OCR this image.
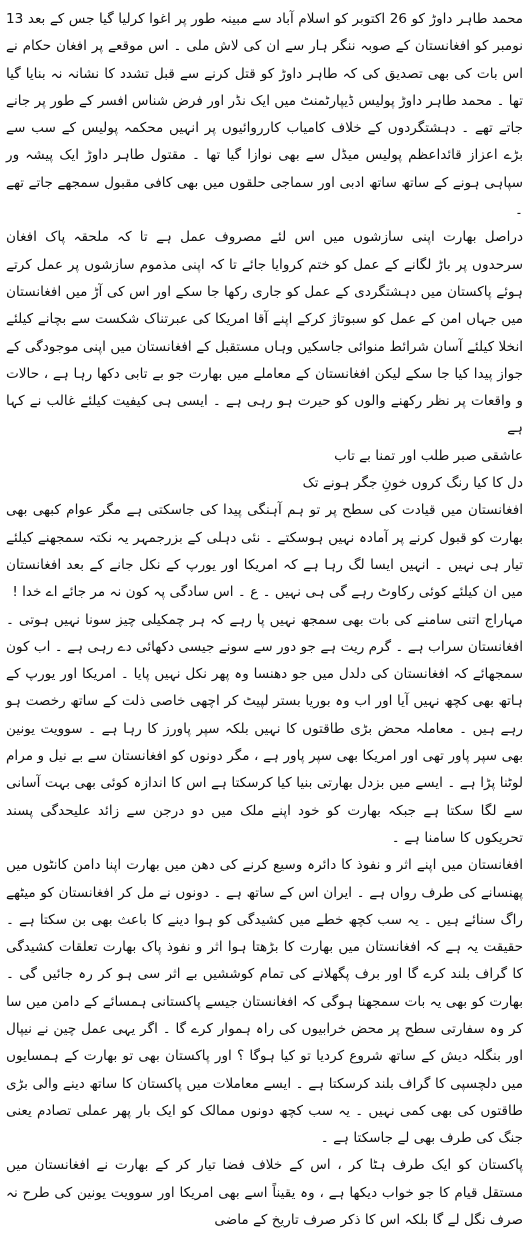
محمد طاہر داوڑ کو 26 اکتوبر کو اسلام آباد سے مبینہ طور پر اغوا کرلیا گیا جس کے بعد 13 نومبر کو افغانستان کے صوبہ ننگر ہار سے ان کی لاش ملی ۔ اس موقعے پر افغان حکام نے اس بات کی بھی تصدیق کی کہ طاہر داوڑ کو قتل کرنے سے قبل تشدد کا نشانہ نہ بنایا گیا تھا ۔ محمد طاہر داوڑ پولیس ڈیپارٹمنٹ میں ایک نڈر اور فرض شناس افسر کے طور پر جانے جاتے تھے ۔ دہشتگردوں کے خلاف کامیاب کارروائیوں پر انہیں محکمہ پولیس کے سب سے بڑے اعزاز قائداعظم پولیس میڈل سے بھی نوازا گیا تھا ۔ مقتول طاہر داوڑ ایک پیشہ ور سپاہی ہونے کے ساتھ ساتھ ادبی اور سماجی حلقوں میں بھی کافی مقبول سمجھے جاتے تھے ۔

دراصل بھارت اپنی سازشوں میں اس لئے مصروف عمل ہے تا کہ ملحقہ پاک افغان سرحدوں پر باڑ لگانے کے عمل کو ختم کروایا جائے تا کہ اپنی مذموم سازشوں پر عمل کرتے ہوئے پاکستان میں دہشتگردی کے عمل کو جاری رکھا جا سکے اور اس کی آڑ میں افغانستان میں جہاں امن کے عمل کو سبوتاژ کرکے اپنے آقا امریکا کی عبرتناک شکست سے بچانے کیلئے انخلا کیلئے آسان شرائط منوائی جاسکیں وہاں مستقبل کے افغانستان میں اپنی موجودگی کے جواز پیدا کیا جا سکے لیکن افغانستان کے معاملے میں بھارت جو بے تابی دکھا رہا ہے ، حالات و واقعات پر نظر رکھنے والوں کو حیرت ہو رہی ہے ۔ ایسی ہی کیفیت کیلئے غالب نے کہا ہے

عاشقی صبر طلب اور تمنا بے تاب
دل کا کیا رنگ کروں خونِ جگر ہونے تک

افغانستان میں قیادت کی سطح پر تو ہم آہنگی پیدا کی جاسکتی ہے مگر عوام کبھی بھی بھارت کو قبول کرنے پر آمادہ نہیں ہوسکتے ۔ نئی دہلی کے بزرجمہر یہ نکتہ سمجھنے کیلئے تیار ہی نہیں ۔ انہیں ایسا لگ رہا ہے کہ امریکا اور یورپ کے نکل جانے کے بعد افغانستان میں ان کیلئے کوئی رکاوٹ رہے گی ہی نہیں ۔ ع ۔ اس سادگی پہ کون نہ مر جائے اے خدا !

مہاراج اتنی سامنے کی بات بھی سمجھ نہیں پا رہے کہ ہر چمکیلی چیز سونا نہیں ہوتی ۔ افغانستان سراب ہے ۔ گرم ریت ہے جو دور سے سونے جیسی دکھائی دے رہی ہے ۔ اب کون سمجھائے کہ افغانستان کی دلدل میں جو دھنسا وہ پھر نکل نہیں پایا ۔ امریکا اور یورپ کے ہاتھ بھی کچھ نہیں آیا اور اب وہ بوریا بستر لپیٹ کر اچھی خاصی ذلت کے ساتھ رخصت ہو رہے ہیں ۔ معاملہ محض بڑی طاقتوں کا نہیں بلکہ سپر پاورز کا رہا ہے ۔ سوویت یونین بھی سپر پاور تھی اور امریکا بھی سپر پاور ہے ، مگر دونوں کو افغانستان سے بے نیل و مرام لوٹنا پڑا ہے ۔ ایسے میں بزدل بھارتی بنیا کیا کرسکتا ہے اس کا اندازہ کوئی بھی بہت آسانی سے لگا سکتا ہے جبکہ بھارت کو خود اپنے ملک میں دو درجن سے زائد علیحدگی پسند تحریکوں کا سامنا ہے ۔

افغانستان میں اپنے اثر و نفوذ کا دائرہ وسیع کرنے کی دھن میں بھارت اپنا دامن کانٹوں میں پھنسانے کی طرف رواں ہے ۔ ایران اس کے ساتھ ہے ۔ دونوں نے مل کر افغانستان کو میٹھے راگ سنائے ہیں ۔ یہ سب کچھ خطے میں کشیدگی کو ہوا دینے کا باعث بھی بن سکتا ہے ۔ حقیقت یہ ہے کہ افغانستان میں بھارت کا بڑھتا ہوا اثر و نفوذ پاک بھارت تعلقات کشیدگی کا گراف بلند کرے گا اور برف پگھلانے کی تمام کوششیں بے اثر سی ہو کر رہ جائیں گی ۔ بھارت کو بھی یہ بات سمجھنا ہوگی کہ افغانستان جیسے پاکستانی ہمسائے کے دامن میں سا کر وہ سفارتی سطح پر محض خرابیوں کی راہ ہموار کرے گا ۔ اگر یہی عمل چین نے نیپال اور بنگلہ دیش کے ساتھ شروع کردیا تو کیا ہوگا ؟ اور پاکستان بھی تو بھارت کے ہمسایوں میں دلچسپی کا گراف بلند کرسکتا ہے ۔ ایسے معاملات میں پاکستان کا ساتھ دینے والی بڑی طاقتوں کی بھی کمی نہیں ۔ یہ سب کچھ دونوں ممالک کو ایک بار پھر عملی تصادم یعنی جنگ کی طرف بھی لے جاسکتا ہے ۔

پاکستان کو ایک طرف ہٹا کر ، اس کے خلاف فضا تیار کر کے بھارت نے افغانستان میں مستقل قیام کا جو خواب دیکھا ہے ، وہ یقیناً اسے بھی امریکا اور سوویت یونین کی طرح نہ صرف نگل لے گا بلکہ اس کا ذکر صرف تاریخ کے ماضی
